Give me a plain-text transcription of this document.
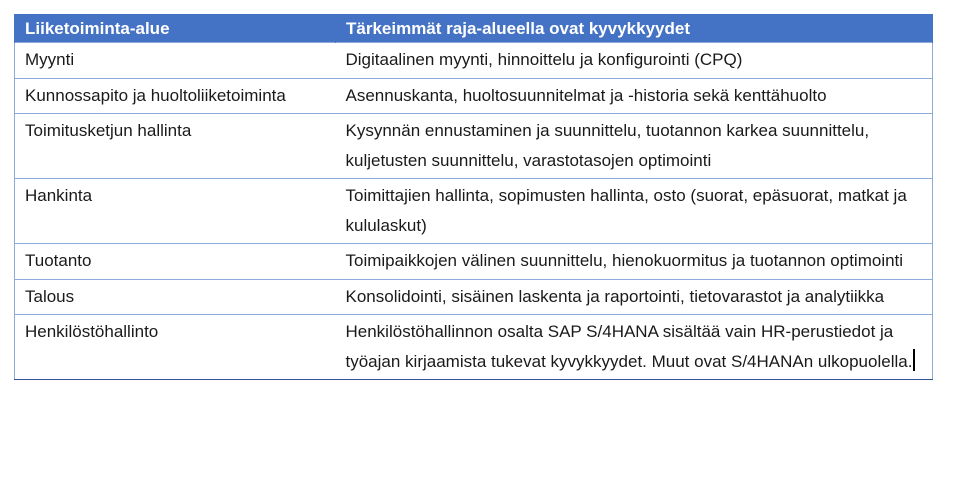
Liiketoiminta-alue	Tärkeimmät raja-alueella ovat kyvykkyydet
Myynti	Digitaalinen myynti, hinnoittelu ja konfigurointi (CPQ)
Kunnossapito ja huoltoliiketoiminta	Asennuskanta, huoltosuunnitelmat ja -historia sekä kenttähuolto
Toimitusketjun hallinta	Kysynnän ennustaminen ja suunnittelu, tuotannon karkea suunnittelu, kuljetusten suunnittelu, varastotasojen optimointi
Hankinta	Toimittajien hallinta, sopimusten hallinta, osto (suorat, epäsuorat, matkat ja kululaskut)
Tuotanto	Toimipaikkojen välinen suunnittelu, hienokuormitus ja tuotannon optimointi
Talous	Konsolidointi, sisäinen laskenta ja raportointi, tietovarastot ja analytiikka
Henkilöstöhallinto	Henkilöstöhallinnon osalta SAP S/4HANA sisältää vain HR-perustiedot ja työajan kirjaamista tukevat kyvykkyydet. Muut ovat S/4HANAn ulkopuolella.
